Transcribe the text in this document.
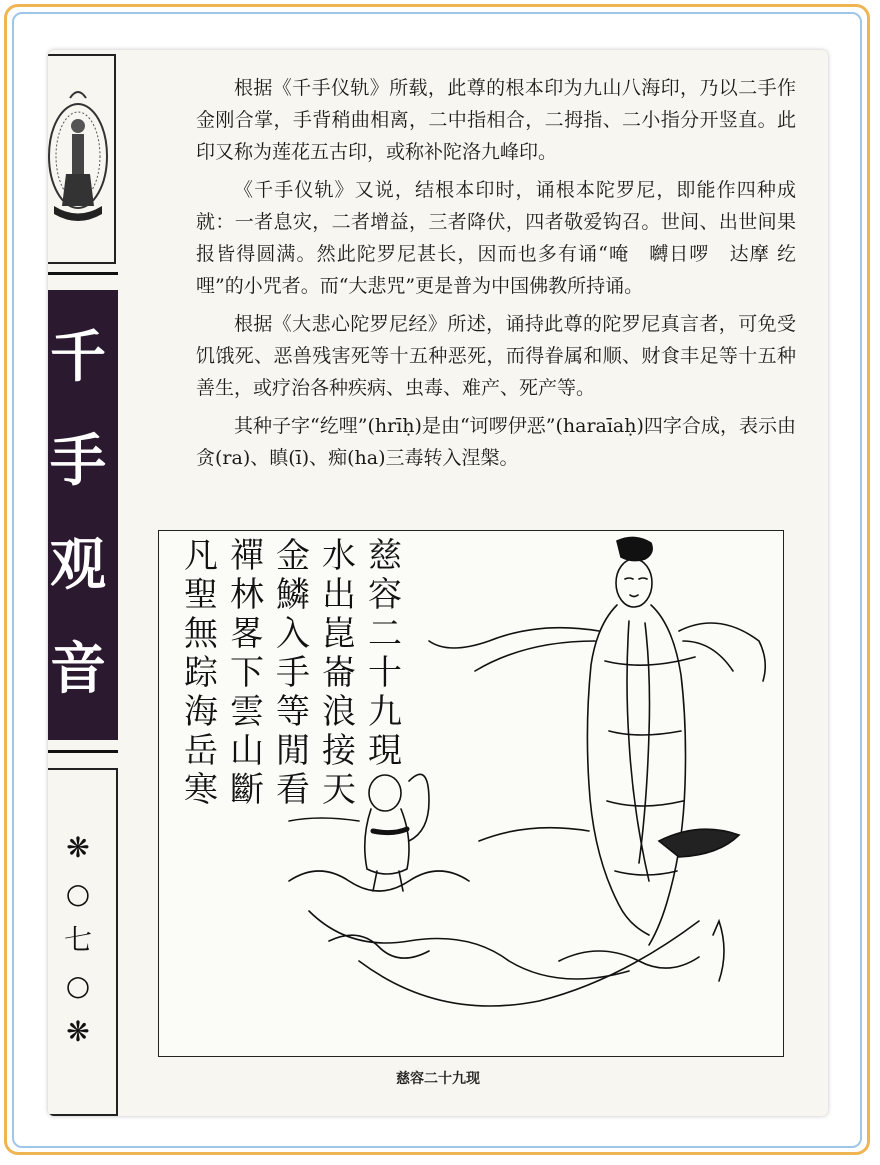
千
手
观
音
❋
○
七
○
❋

根据《千手仪轨》所载，此尊的根本印为九山八海印，乃以二手作金刚合掌，手背稍曲相离，二中指相合，二拇指、二小指分开竖直。此印又称为莲花五古印，或称补陀洛九峰印。

《千手仪轨》又说，结根本印时，诵根本陀罗尼，即能作四种成就：一者息灾，二者增益，三者降伏，四者敬爱钩召。世间、出世间果报皆得圆满。然此陀罗尼甚长，因而也多有诵“唵　嚩日啰　达摩 纥哩”的小咒者。而“大悲咒”更是普为中国佛教所持诵。

根据《大悲心陀罗尼经》所述，诵持此尊的陀罗尼真言者，可免受饥饿死、恶兽残害死等十五种恶死，而得眷属和顺、财食丰足等十五种善生，或疗治各种疾病、虫毒、难产、死产等。

其种子字“纥哩”(hrīḥ)是由“诃啰伊恶”(haraīaḥ)四字合成，表示由贪(ra)、瞋(ī)、痴(ha)三毒转入涅槃。

慈容二十九現
水出崑崙浪接天
金鱗入手等閒看
禪林畧下雲山斷
凡聖無踪海岳寒
慈容二十九现
